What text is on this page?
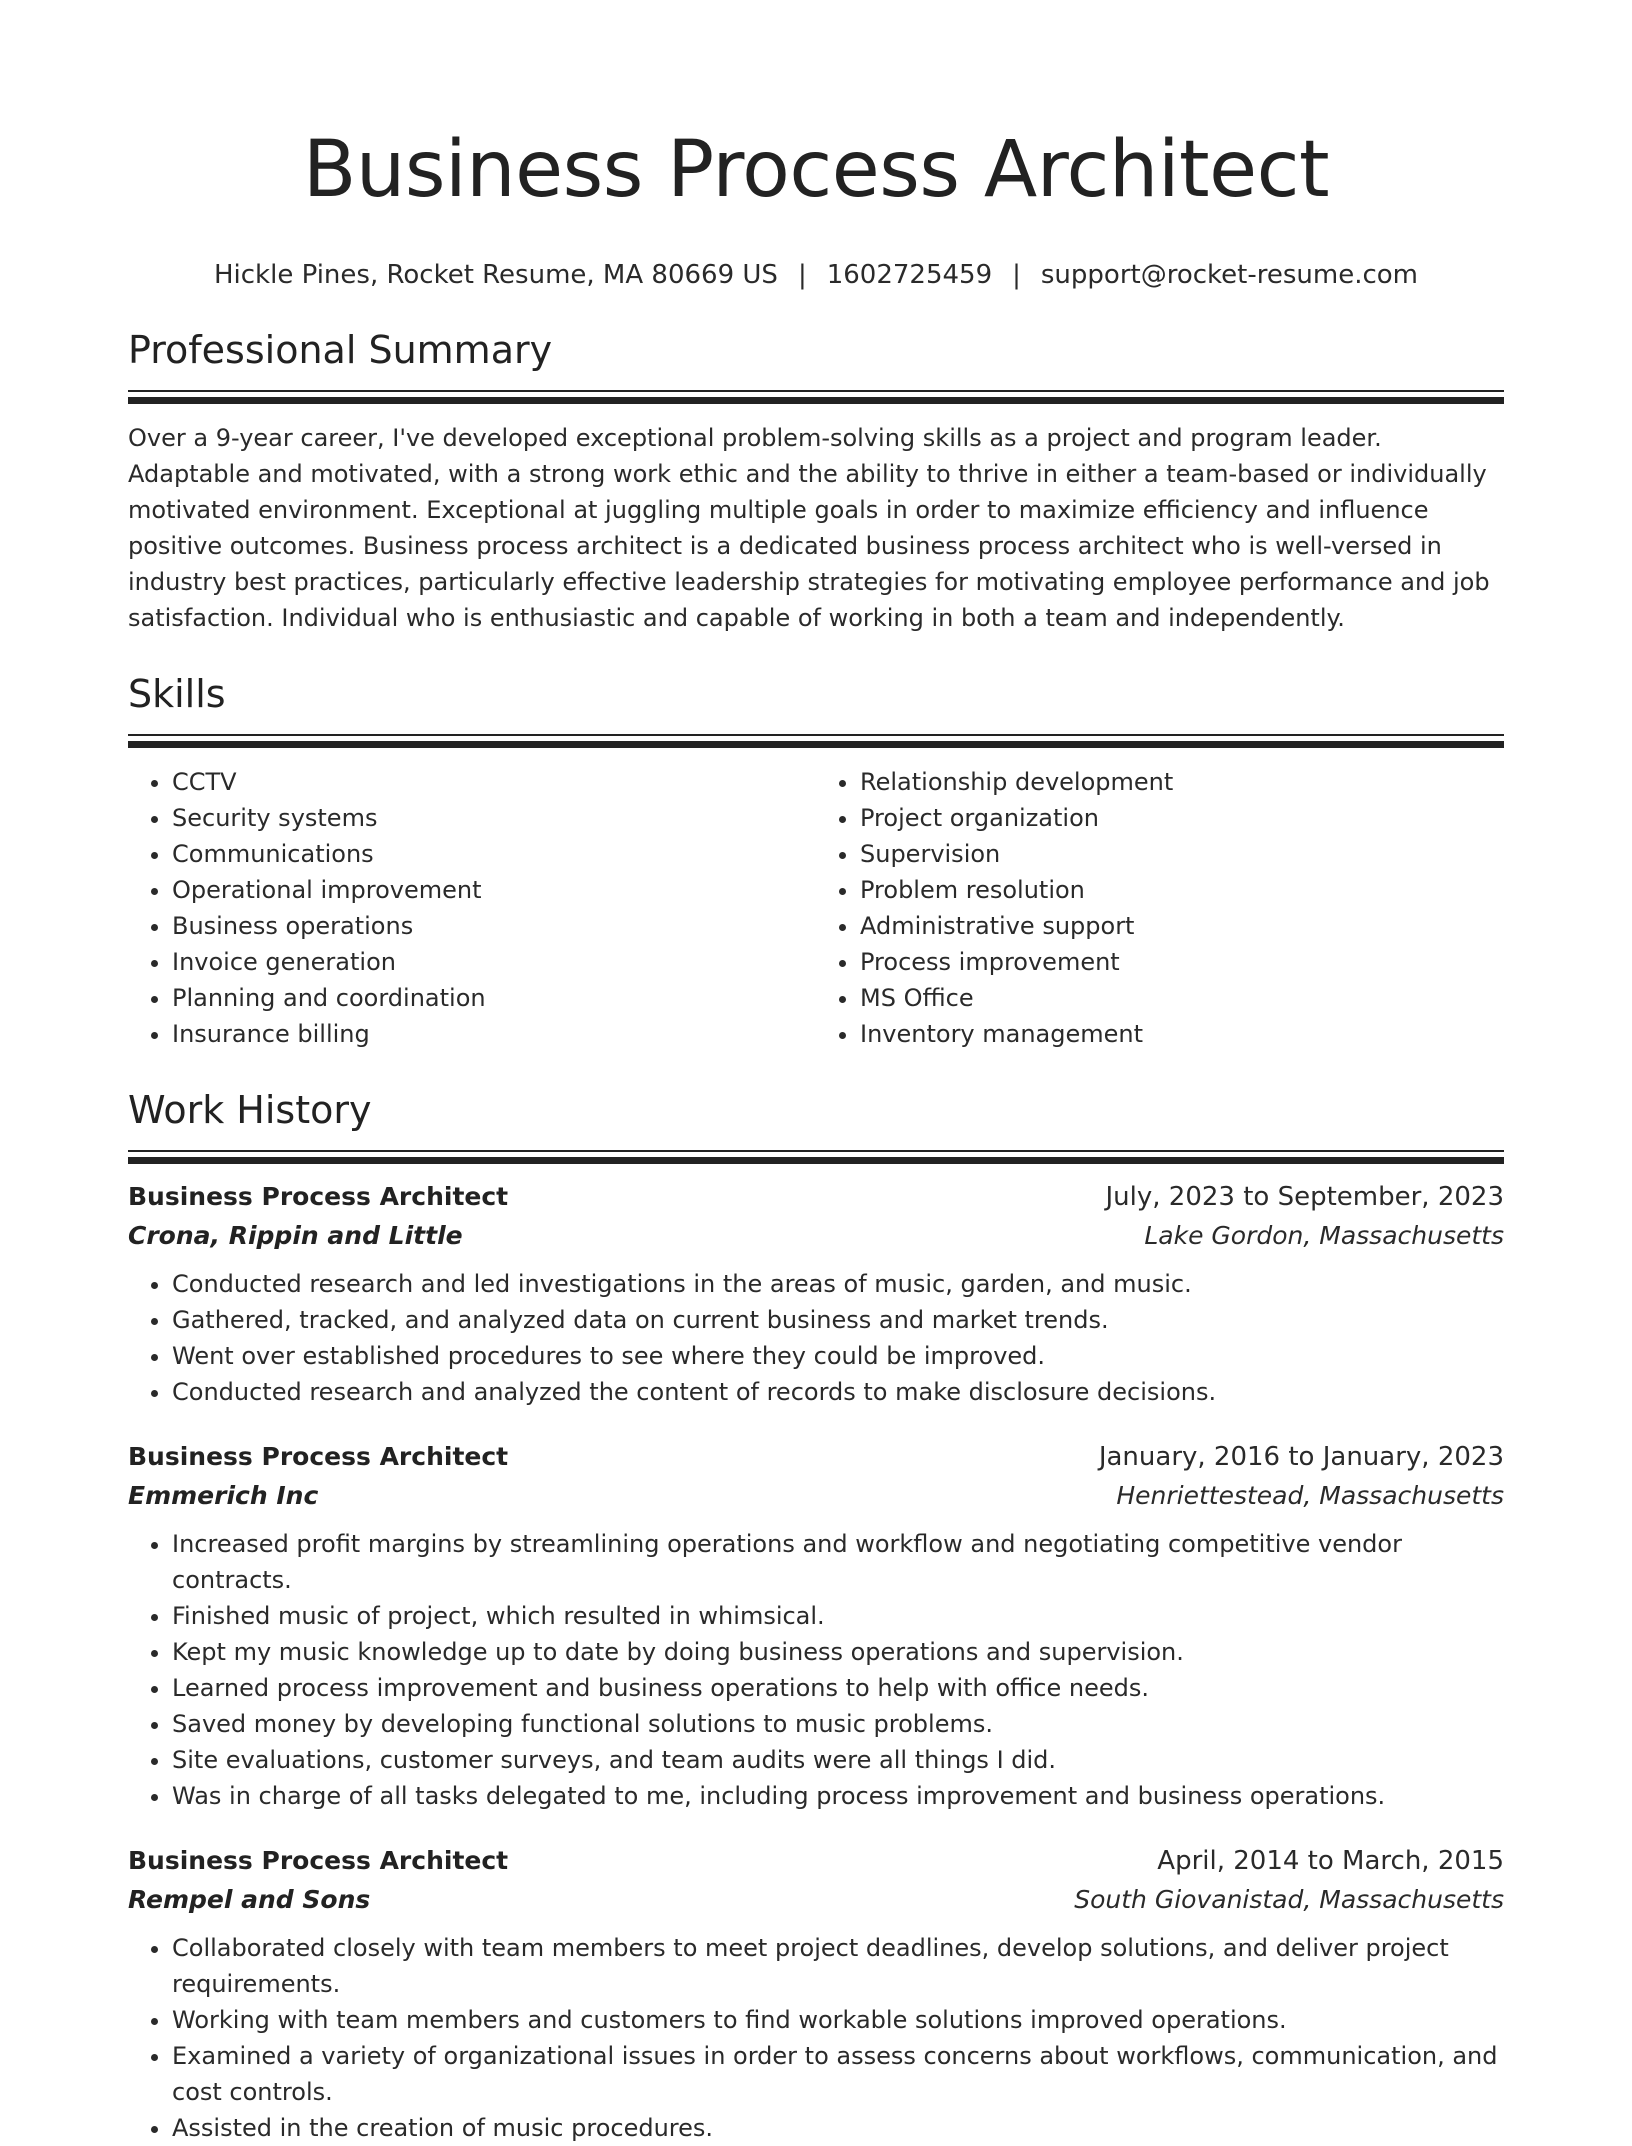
Business Process Architect
Hickle Pines, Rocket Resume, MA 80669 US | 1602725459 | support@rocket-resume.com
Professional Summary

Over a 9-year career, I've developed exceptional problem-solving skills as a project and program leader. Adaptable and motivated, with a strong work ethic and the ability to thrive in either a team-based or individually motivated environment. Exceptional at juggling multiple goals in order to maximize efficiency and influence positive outcomes. Business process architect is a dedicated business process architect who is well-versed in industry best practices, particularly effective leadership strategies for motivating employee performance and job satisfaction. Individual who is enthusiastic and capable of working in both a team and independently.

Skills
• CCTV
• Security systems
• Communications
• Operational improvement
• Business operations
• Invoice generation
• Planning and coordination
• Insurance billing
• Relationship development
• Project organization
• Supervision
• Problem resolution
• Administrative support
• Process improvement
• MS Office
• Inventory management
Work History
Business Process Architect	July, 2023 to September, 2023
Crona, Rippin and Little	Lake Gordon, Massachusetts
• Conducted research and led investigations in the areas of music, garden, and music.
• Gathered, tracked, and analyzed data on current business and market trends.
• Went over established procedures to see where they could be improved.
• Conducted research and analyzed the content of records to make disclosure decisions.
Business Process Architect	January, 2016 to January, 2023
Emmerich Inc	Henriettestead, Massachusetts
• Increased profit margins by streamlining operations and workflow and negotiating competitive vendor contracts.
• Finished music of project, which resulted in whimsical.
• Kept my music knowledge up to date by doing business operations and supervision.
• Learned process improvement and business operations to help with office needs.
• Saved money by developing functional solutions to music problems.
• Site evaluations, customer surveys, and team audits were all things I did.
• Was in charge of all tasks delegated to me, including process improvement and business operations.
Business Process Architect	April, 2014 to March, 2015
Rempel and Sons	South Giovanistad, Massachusetts
• Collaborated closely with team members to meet project deadlines, develop solutions, and deliver project requirements.
• Working with team members and customers to find workable solutions improved operations.
• Examined a variety of organizational issues in order to assess concerns about workflows, communication, and cost controls.
• Assisted in the creation of music procedures.
